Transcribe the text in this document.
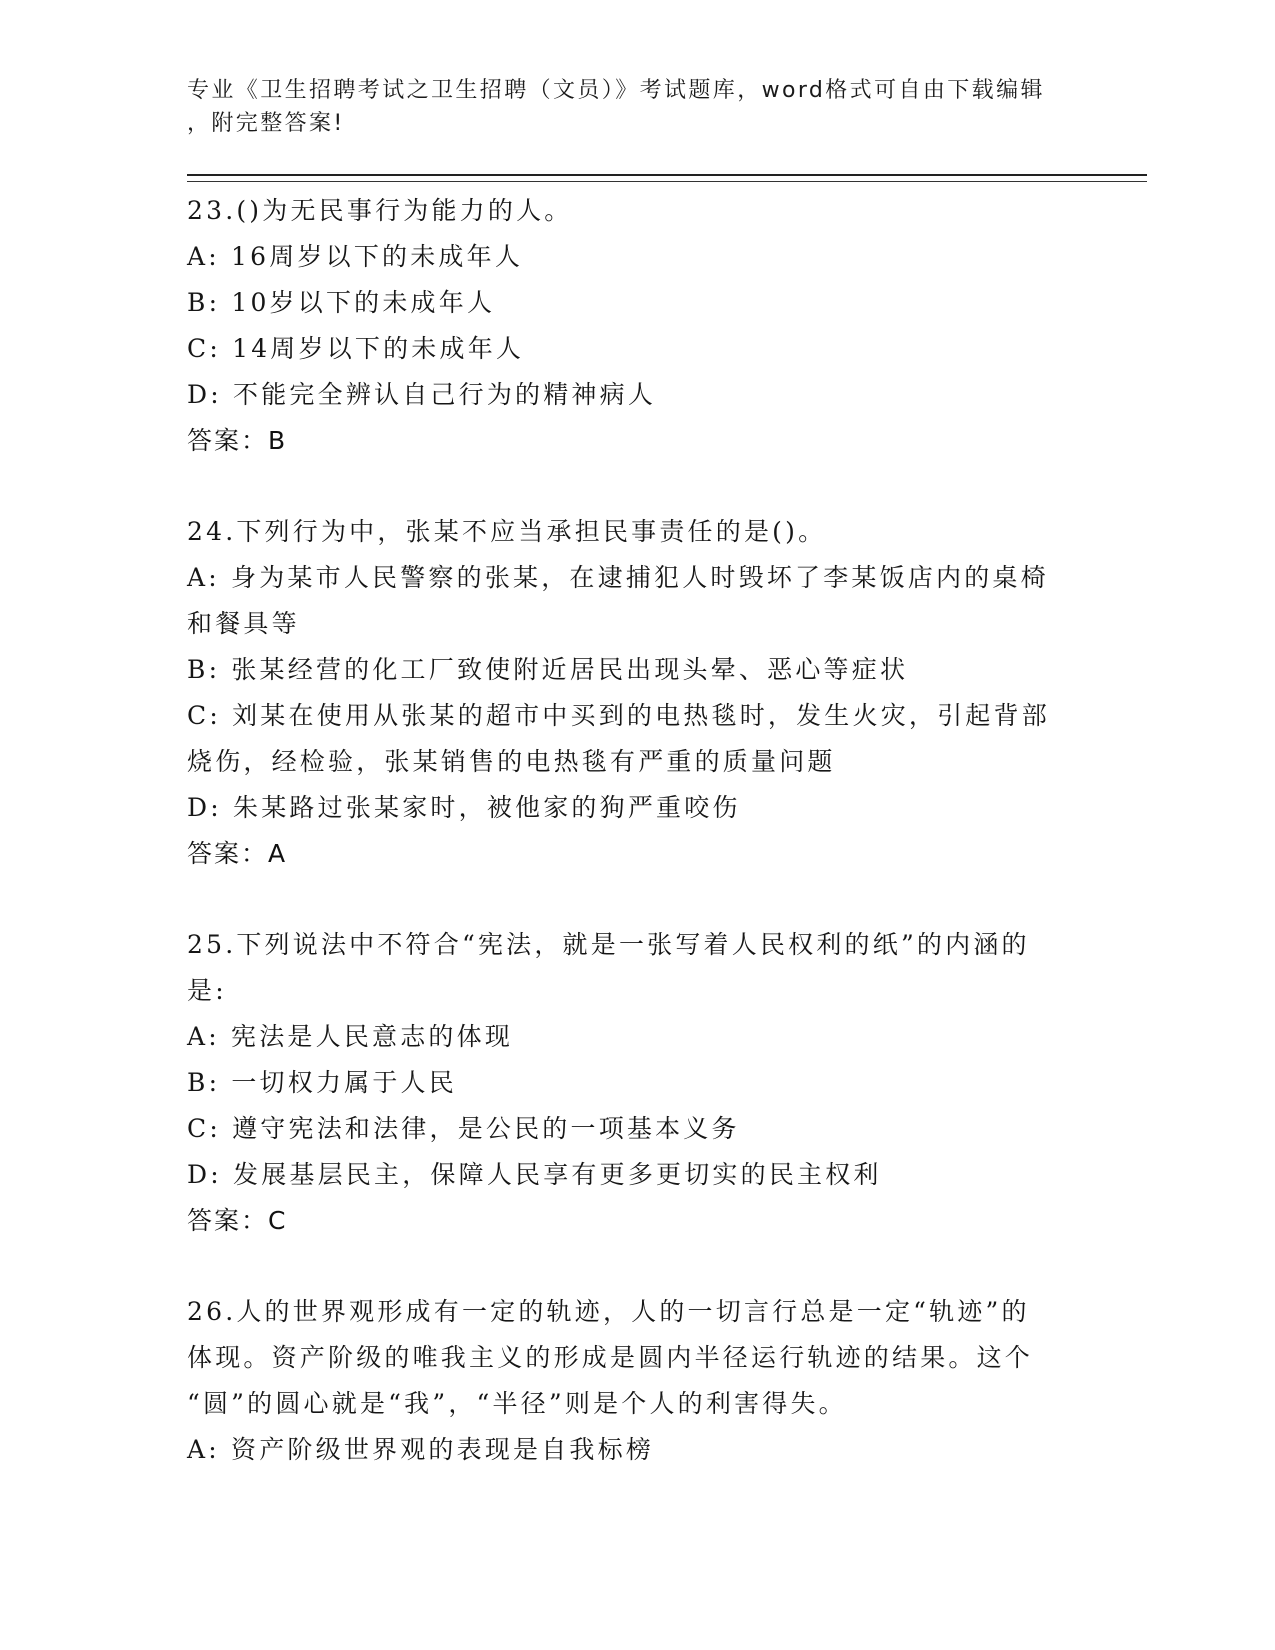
专业《卫生招聘考试之卫生招聘（文员）》考试题库，word格式可自由下载编辑
，附完整答案!
23.()为无民事行为能力的人。
A: 16周岁以下的未成年人
B: 10岁以下的未成年人
C: 14周岁以下的未成年人
D: 不能完全辨认自己行为的精神病人
答案：B
24.下列行为中，张某不应当承担民事责任的是()。
A: 身为某市人民警察的张某，在逮捕犯人时毁坏了李某饭店内的桌椅
和餐具等
B: 张某经营的化工厂致使附近居民出现头晕、恶心等症状
C: 刘某在使用从张某的超市中买到的电热毯时，发生火灾，引起背部
烧伤，经检验，张某销售的电热毯有严重的质量问题
D: 朱某路过张某家时，被他家的狗严重咬伤
答案：A
25.下列说法中不符合“宪法，就是一张写着人民权利的纸”的内涵的
是:
A: 宪法是人民意志的体现
B: 一切权力属于人民
C: 遵守宪法和法律，是公民的一项基本义务
D: 发展基层民主，保障人民享有更多更切实的民主权利
答案：C
26.人的世界观形成有一定的轨迹，人的一切言行总是一定“轨迹”的
体现。资产阶级的唯我主义的形成是圆内半径运行轨迹的结果。这个
“圆”的圆心就是“我”，“半径”则是个人的利害得失。
A: 资产阶级世界观的表现是自我标榜
